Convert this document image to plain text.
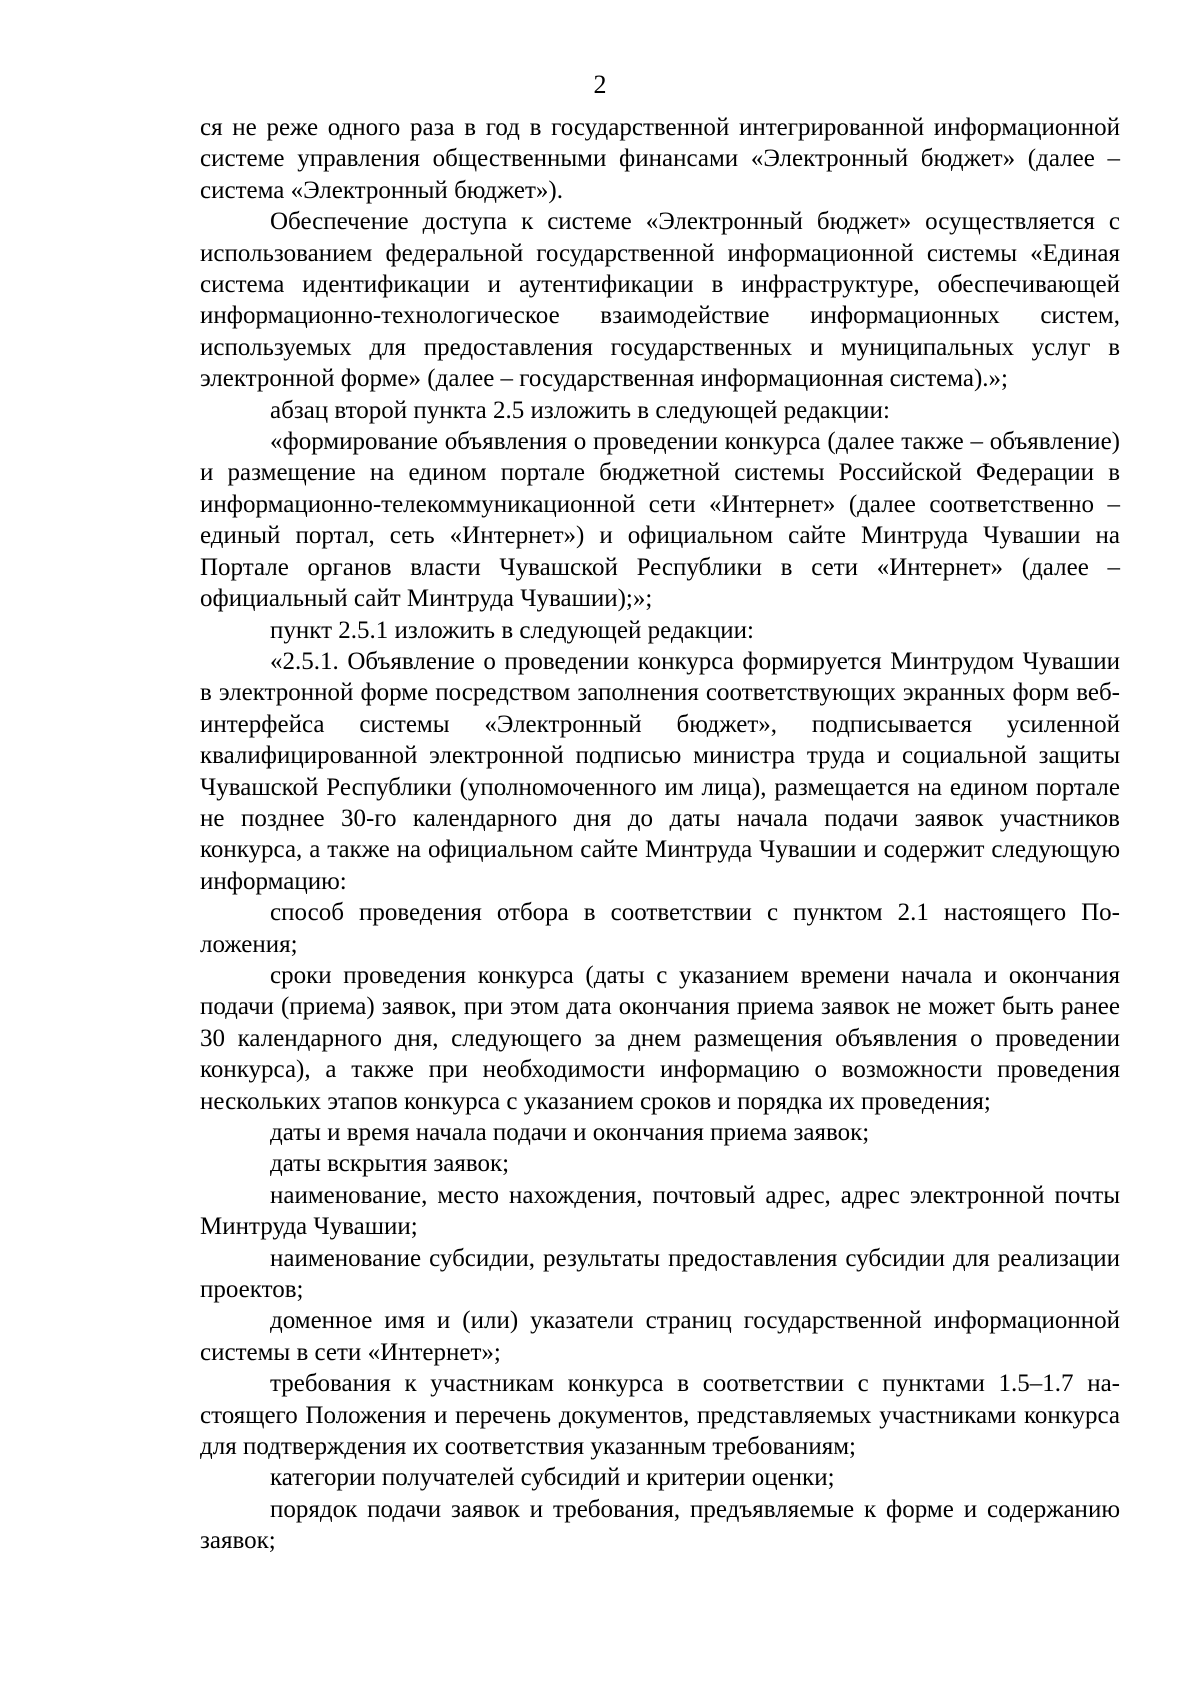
2

ся не реже одного раза в год в государственной интегрированной информационной системе управления общественными финансами «Электронный бюджет» (далее – система «Электронный бюджет»).

Обеспечение доступа к системе «Электронный бюджет» осуществляется с использованием федеральной государственной информационной системы «Единая система идентификации и аутентификации в инфраструктуре, обеспечивающей информационно-технологическое взаимодействие информационных систем, используемых для предоставления государственных и муниципальных услуг в электронной форме» (далее – государственная информационная система).»;

абзац второй пункта 2.5 изложить в следующей редакции:

«формирование объявления о проведении конкурса (далее также – объявление) и размещение на едином портале бюджетной системы Российской Федерации в информационно-телекоммуникационной сети «Интернет» (далее соответственно – единый портал, сеть «Интернет») и официальном сайте Минтруда Чувашии на Портале органов власти Чувашской Республики в сети «Интернет» (далее – официальный сайт Минтруда Чувашии);»;

пункт 2.5.1 изложить в следующей редакции:

«2.5.1. Объявление о проведении конкурса формируется Минтрудом Чувашии в электронной форме посредством заполнения соответствующих экранных форм веб-интерфейса системы «Электронный бюджет», подписывается усиленной квалифицированной электронной подписью министра труда и социальной защиты Чувашской Республики (уполномоченного им лица), размещается на едином портале не позднее 30-го календарного дня до даты начала подачи заявок участников конкурса, а также на официальном сайте Минтруда Чувашии и содержит следующую информацию:

способ проведения отбора в соответствии с пунктом 2.1 настоящего Положения;

сроки проведения конкурса (даты с указанием времени начала и окончания подачи (приема) заявок, при этом дата окончания приема заявок не может быть ранее 30 календарного дня, следующего за днем размещения объявления о проведении конкурса), а также при необходимости информацию о возможности проведения нескольких этапов конкурса с указанием сроков и порядка их проведения;

даты и время начала подачи и окончания приема заявок;

даты вскрытия заявок;

наименование, место нахождения, почтовый адрес, адрес электронной почты Минтруда Чувашии;

наименование субсидии, результаты предоставления субсидии для реализации проектов;

доменное имя и (или) указатели страниц государственной информационной системы в сети «Интернет»;

требования к участникам конкурса в соответствии с пунктами 1.5–1.7 настоящего Положения и перечень документов, представляемых участниками конкурса для подтверждения их соответствия указанным требованиям;

категории получателей субсидий и критерии оценки;

порядок подачи заявок и требования, предъявляемые к форме и содержанию заявок;
